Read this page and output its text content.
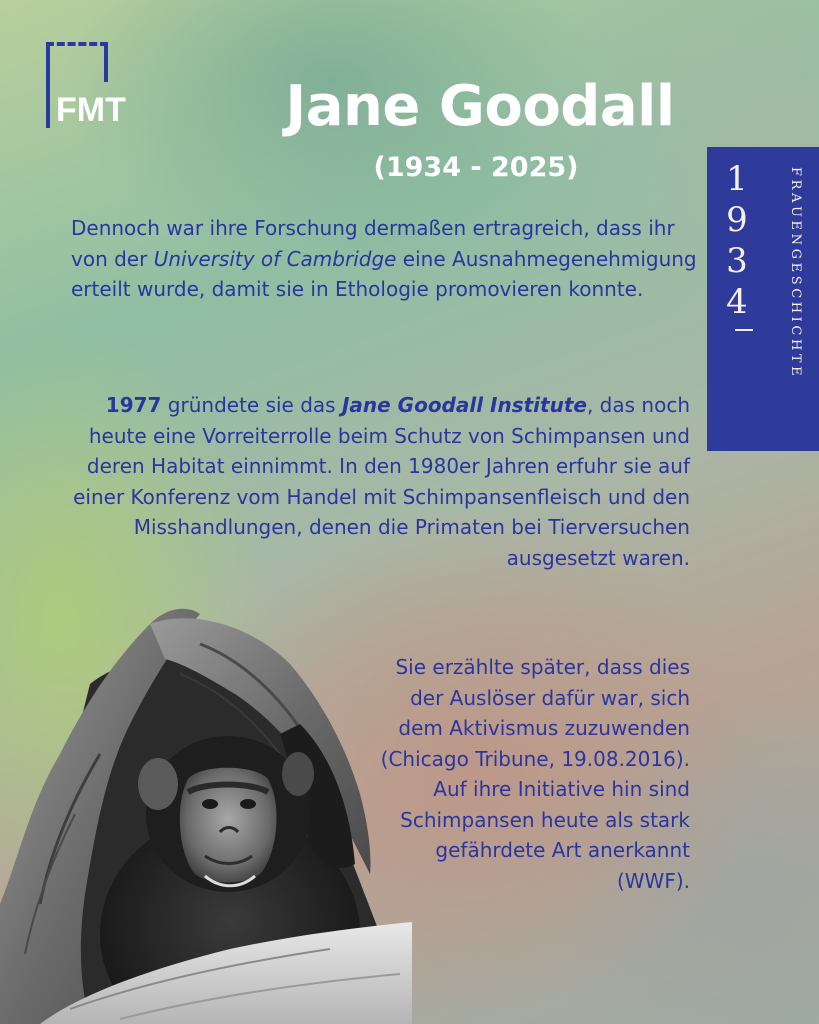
FMT	Jane Goodall
(1934 - 2025)	1
9
3
4	FRAUENGESCHICHTE
Dennoch war ihre Forschung dermaßen ertragreich, dass ihr von der University of Cambridge eine Ausnahmegenehmigung erteilt wurde, damit sie in Ethologie promovieren konnte.
1977 gründete sie das Jane Goodall Institute, das noch heute eine Vorreiterrolle beim Schutz von Schimpansen und deren Habitat einnimmt. In den 1980er Jahren erfuhr sie auf einer Konferenz vom Handel mit Schimpansenfleisch und den Misshandlungen, denen die Primaten bei Tierversuchen ausgesetzt waren.
Sie erzählte später, dass dies der Auslöser dafür war, sich dem Aktivismus zuzuwenden (Chicago Tribune, 19.08.2016). Auf ihre Initiative hin sind Schimpansen heute als stark gefährdete Art anerkannt (WWF).
